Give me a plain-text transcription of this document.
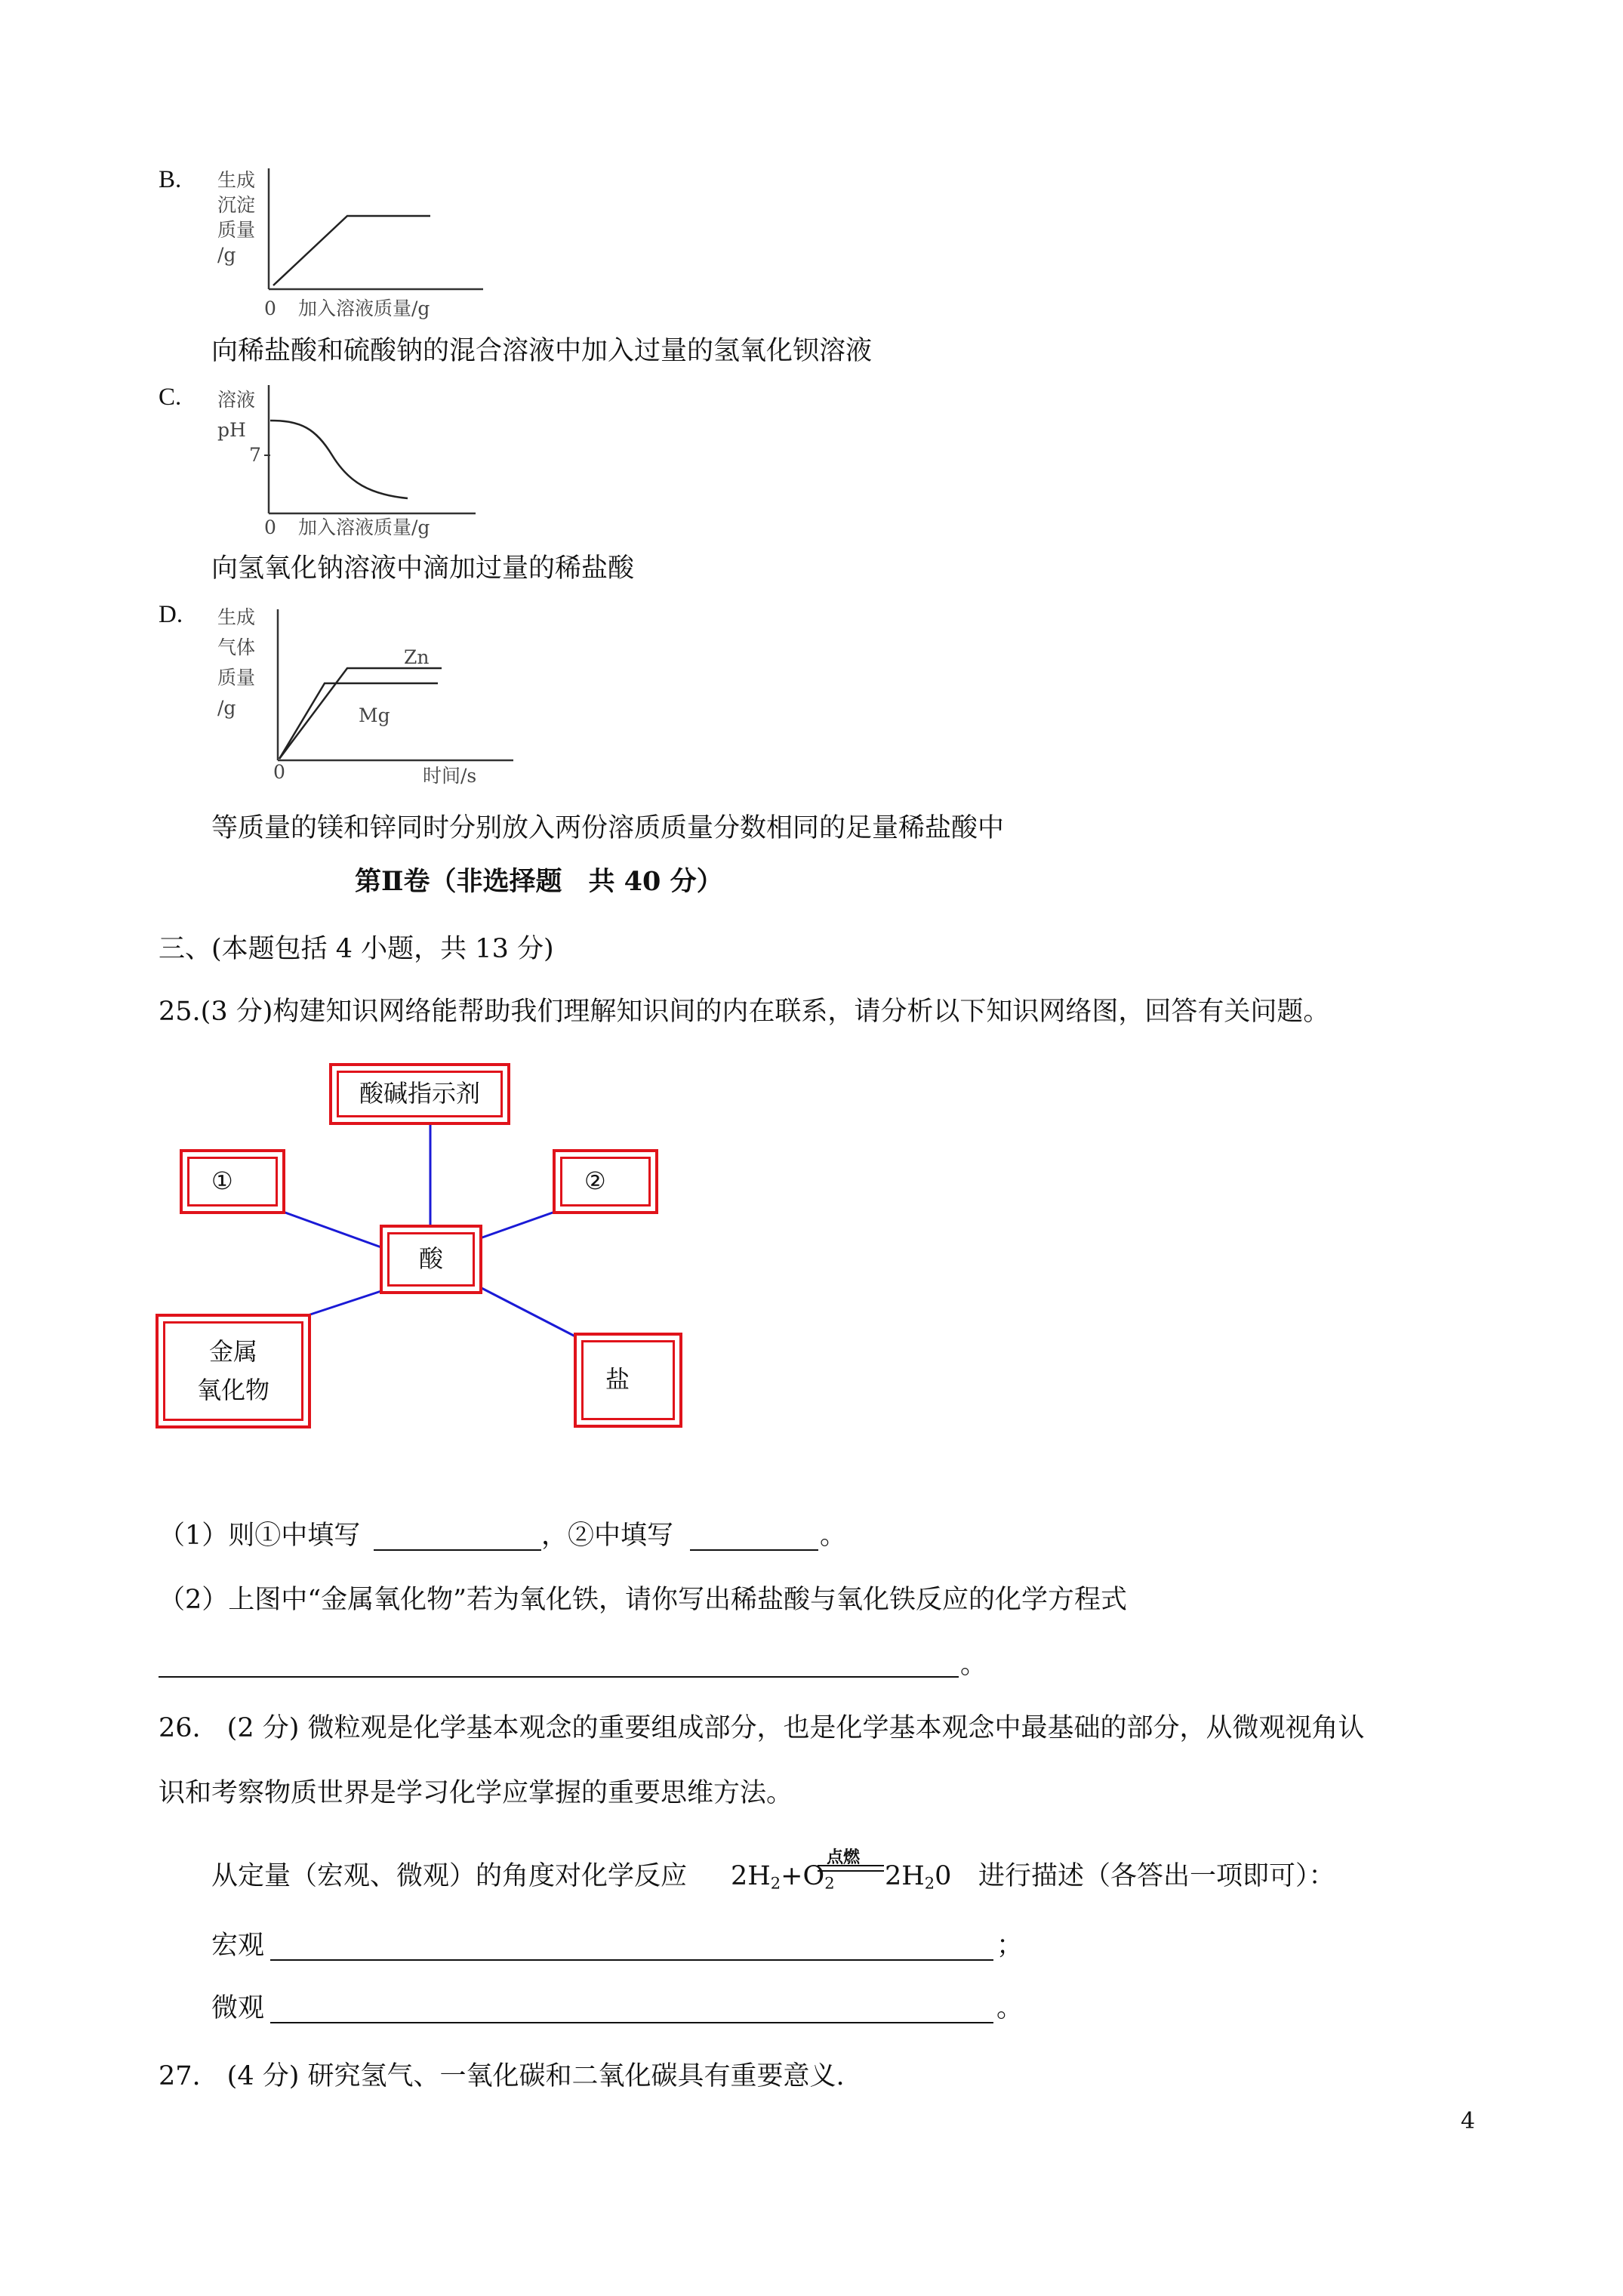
B. 生成
沉淀
质量
/g
0 加入溶液质量/g
向稀盐酸和硫酸钠的混合溶液中加入过量的氢氧化钡溶液
C. 溶液
pH
7
0 加入溶液质量/g
向氢氧化钠溶液中滴加过量的稀盐酸
D. 生成
气体
质量
/g
Zn
Mg
0	时间/s
等质量的镁和锌同时分别放入两份溶质质量分数相同的足量稀盐酸中
第Ⅱ卷（非选择题　共 40 分）
三、(本题包括 4 小题，共 13 分)
25.(3 分)构建知识网络能帮助我们理解知识间的内在联系，请分析以下知识网络图，回答有关问题。
酸碱指示剂
①	②
酸
金属
氧化物	盐
（1）则①中填写	，②中填写	。
（2）上图中“金属氧化物”若为氧化铁，请你写出稀盐酸与氧化铁反应的化学方程式
。
26.　(2 分) 微粒观是化学基本观念的重要组成部分，也是化学基本观念中最基础的部分，从微观视角认
识和考察物质世界是学习化学应掌握的重要思维方法。
从定量（宏观、微观）的角度对化学反应 $2H_2+O_2$
点燃
$2H_20$ 进行描述（各答出一项即可）：
宏观	；
微观	。
27.　(4 分) 研究氢气、一氧化碳和二氧化碳具有重要意义.
4
